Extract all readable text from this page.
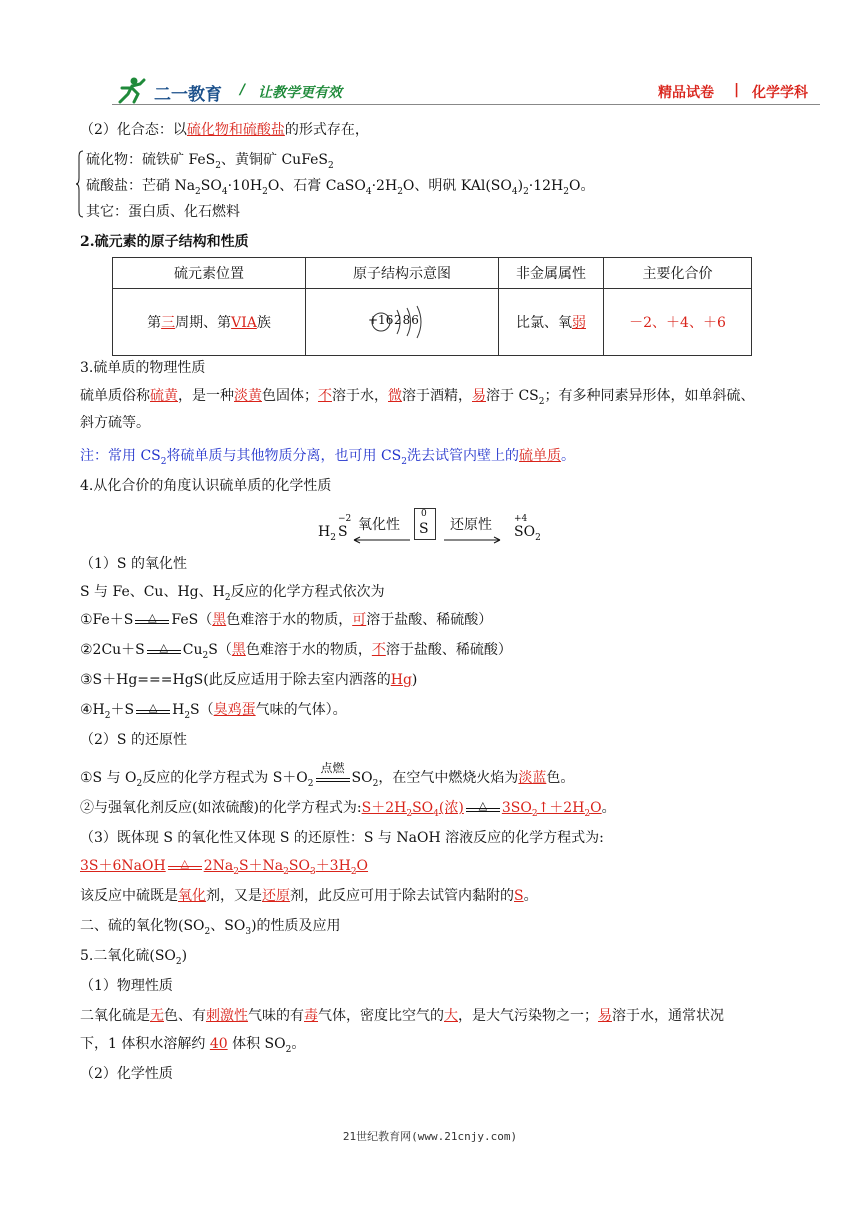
二一教育 / 让教学更有效	精品试卷 | 化学学科
（2）化合态：以硫化物和硫酸盐的形式存在，
硫化物：硫铁矿 FeS$_2$、黄铜矿 CuFeS$_2$
硫酸盐：芒硝 $Na_2SO_4\cdot 10H_2O$、石膏 $CaSO_4\cdot 2H_2O$、明矾 $KAl(SO_4)_2\cdot 12H_2O$。
其它：蛋白质、化石燃料
2.硫元素的原子结构和性质
硫元素位置	原子结构示意图	非金属属性	主要化合价
第三周期、第VIA族	+16 286	比氯、氧弱	－2、＋4、＋6
3.硫单质的物理性质
硫单质俗称硫黄，是一种淡黄色固体；不溶于水，微溶于酒精，易溶于 $CS_2$；有多种同素异形体，如单斜硫、
斜方硫等。
注：常用 $CS_2$将硫单质与其他物质分离，也可用 $CS_2$洗去试管内壁上的硫单质。
4.从化合价的角度认识硫单质的化学性质
$H_2$ S
−2 氧化性
0
S 还原性 +4
$SO_2$
（1）S 的氧化性
S 与 Fe、Cu、Hg、$H_2$反应的化学方程式依次为
①Fe＋S	△	FeS（黑色难溶于水的物质，可溶于盐酸、稀硫酸）
②2Cu＋S	△	$Cu_2S$（黑色难溶于水的物质，不溶于盐酸、稀硫酸）
③S＋Hg===HgS(此反应适用于除去室内洒落的Hg)
$④H_2+S$	△	$H_2S$（臭鸡蛋气味的气体）。
（2）S 的还原性
①S 与 $O_2$反应的化学方程式为 $S+O_2$
点燃
$SO_2$，在空气中燃烧火焰为淡蓝色。
②与强氧化剂反应(如浓硫酸)的化学方程式为$:S+2H_2SO_4$(浓)	△	$3SO_2↑+2H_2O$。
（3）既体现 S 的氧化性又体现 S 的还原性：S 与 NaOH 溶液反应的化学方程式为:
3S＋6NaOH	△	$2Na_2S+Na_2SO_3+3H_2O$
该反应中硫既是氧化剂，又是还原剂，此反应可用于除去试管内黏附的S。
二、硫的氧化物($SO_2$、$SO_3$)的性质及应用
5.二氧化硫$(SO_2)$
（1）物理性质
二氧化硫是无色、有刺激性气味的有毒气体，密度比空气的大，是大气污染物之一；易溶于水，通常状况
下，1 体积水溶解约 40 体积 $SO_2$。
（2）化学性质
21世纪教育网(www.21cnjy.com)
